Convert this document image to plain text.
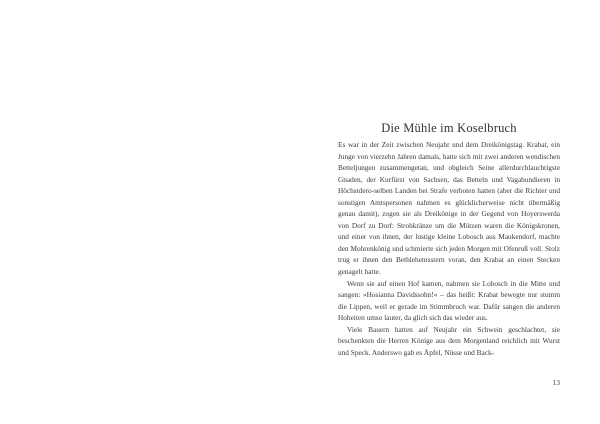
Die Mühle im Koselbruch

Es war in der Zeit zwischen Neujahr und dem Dreikönigstag. Krabat, ein Junge von vierzehn Jahren damals, hatte sich mit zwei anderen wendischen Betteljungen zusammengetan, und obgleich Seine allerdurchlauchtigste Gnaden, der Kurfürst von Sachsen, das Betteln und Vagabundieren in Höchstdero-selben Landen bei Strafe verboten hatten (aber die Richter und sonstigen Amtspersonen nahmen es glücklicherweise nicht übermäßig genau damit), zogen sie als Dreikönige in der Gegend von Hoyerswerda von Dorf zu Dorf: Strohkränze um die Mützen waren die Königskronen, und einer von ihnen, der lustige kleine Lobosch aus Maukendorf, machte den Mohrenkönig und schmierte sich jeden Morgen mit Ofenruß voll. Stolz trug er ihnen den Bethlehemsstern voran, den Krabat an einen Stecken genagelt hatte.

Wenn sie auf einen Hof kamen, nahmen sie Lobosch in die Mitte und sangen: »Hosianna Davidssohn!« – das heißt: Krabat bewegte nur stumm die Lippen, weil er gerade im Stimmbruch war. Dafür sangen die anderen Hoheiten umso lauter, da glich sich das wieder aus.

Viele Bauern hatten auf Neujahr ein Schwein geschlachtet, sie beschenkten die Herren Könige aus dem Morgenland reichlich mit Wurst und Speck. Anderswo gab es Äpfel, Nüsse und Back-

13
